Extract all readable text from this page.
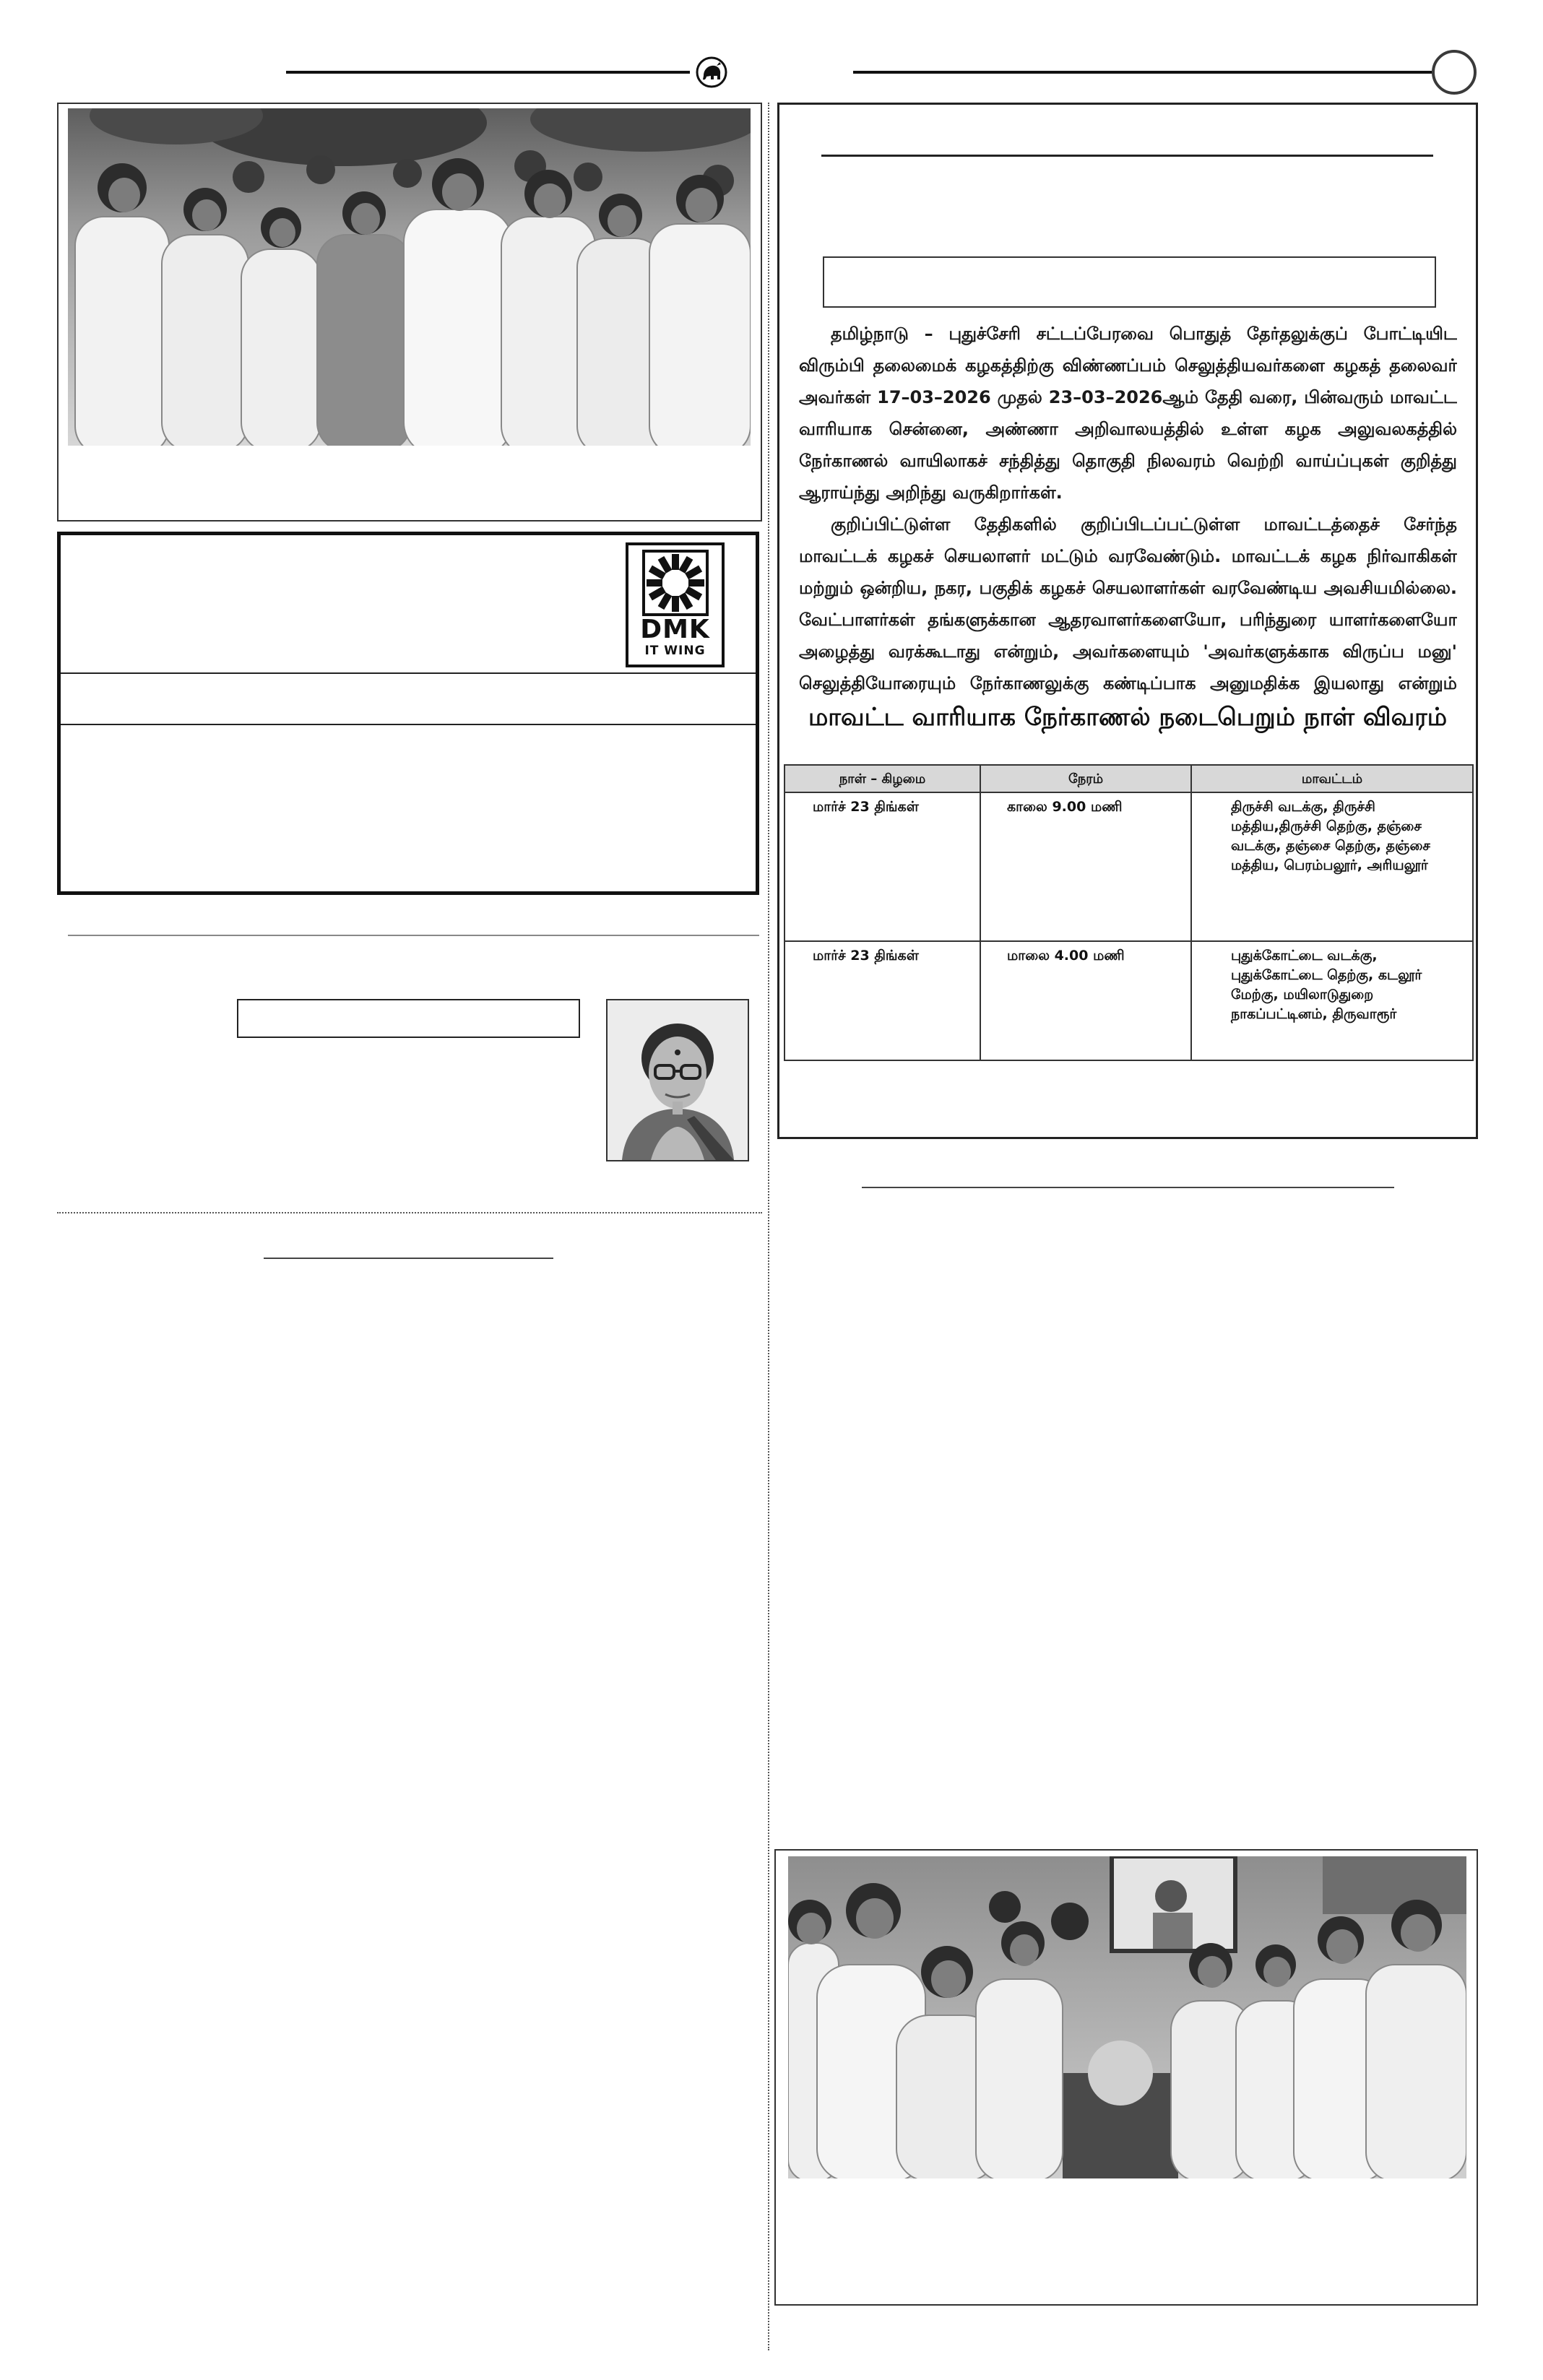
தமிழ்நாடு – புதுச்சேரி சட்டப்பேரவை பொதுத் தேர்தலுக்குப் போட்டியிட விரும்பி தலைமைக் கழகத்திற்கு விண்ணப்பம் செலுத்தியவர்களை கழகத் தலைவர் அவர்கள் 17–03–2026 முதல் 23–03–2026ஆம் தேதி வரை, பின்வரும் மாவட்ட வாரியாக சென்னை, அண்ணா அறிவாலயத்தில் உள்ள கழக அலுவலகத்தில் நேர்காணல் வாயிலாகச் சந்தித்து தொகுதி நிலவரம் வெற்றி வாய்ப்புகள் குறித்து ஆராய்ந்து அறிந்து வருகிறார்கள்.

குறிப்பிட்டுள்ள தேதிகளில் குறிப்பிடப்பட்டுள்ள மாவட்டத்தைச் சேர்ந்த மாவட்டக் கழகச் செயலாளர் மட்டும் வரவேண்டும். மாவட்டக் கழக நிர்வாகிகள் மற்றும் ஒன்றிய, நகர, பகுதிக் கழகச் செயலாளர்கள் வரவேண்டிய அவசியமில்லை. வேட்பாளர்கள் தங்களுக்கான ஆதரவாளர்களையோ, பரிந்துரை யாளர்களையோ அழைத்து வரக்கூடாது என்றும், அவர்களையும் 'அவர்களுக்காக விருப்ப மனு' செலுத்தியோரையும் நேர்காணலுக்கு கண்டிப்பாக அனுமதிக்க இயலாது என்றும்

மாவட்ட வாரியாக நேர்காணல் நடைபெறும் நாள் விவரம்
நாள் – கிழமை	நேரம்	மாவட்டம்
மார்ச் 23 திங்கள்	காலை 9.00 மணி	திருச்சி வடக்கு, திருச்சி மத்திய,திருச்சி தெற்கு, தஞ்சை வடக்கு, தஞ்சை தெற்கு, தஞ்சை மத்திய, பெரம்பலூர், அரியலூர்
மார்ச் 23 திங்கள்	மாலை 4.00 மணி	புதுக்கோட்டை வடக்கு, புதுக்கோட்டை தெற்கு, கடலூர் மேற்கு, மயிலாடுதுறை நாகப்பட்டினம், திருவாரூர்
DMK
IT WING
